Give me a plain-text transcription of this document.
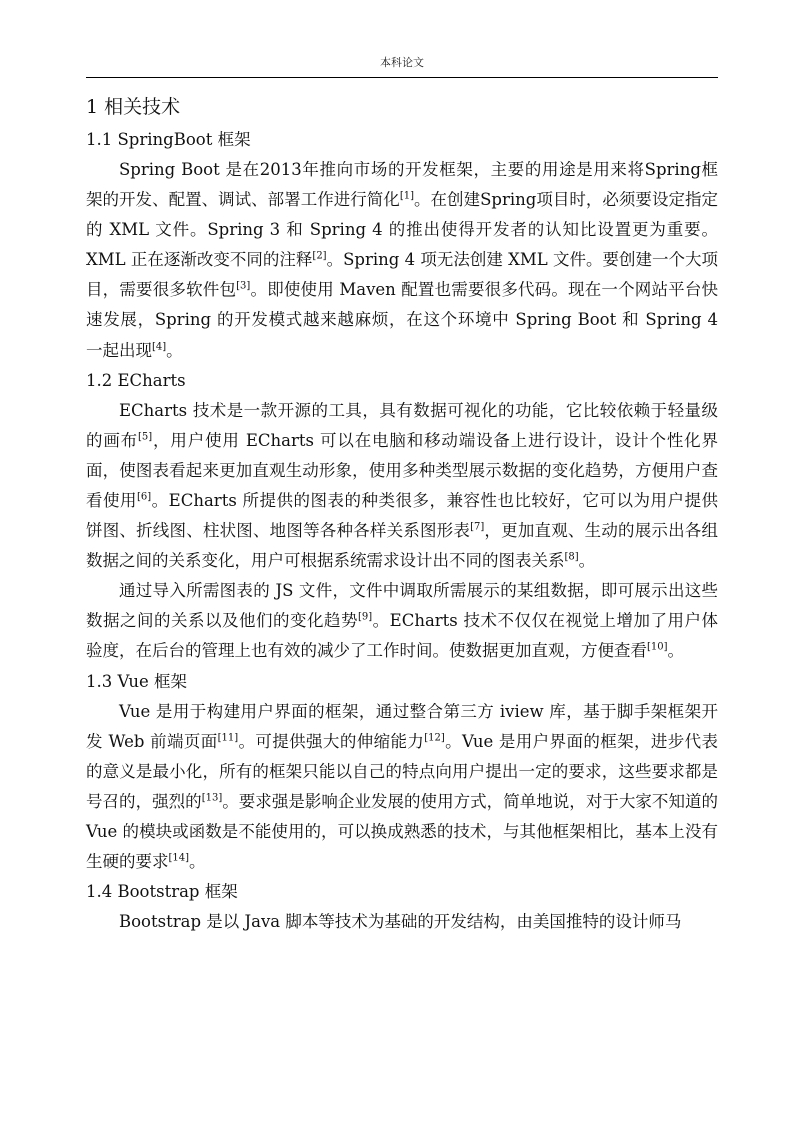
本科论文
1 相关技术
1.1 SpringBoot 框架

Spring Boot 是在2013年推向市场的开发框架，主要的用途是用来将Spring框架的开发、配置、调试、部署工作进行简化[1]。在创建Spring项目时，必须要设定指定的 XML 文件。Spring 3 和 Spring 4 的推出使得开发者的认知比设置更为重要。XML 正在逐渐改变不同的注释[2]。Spring 4 项无法创建 XML 文件。要创建一个大项目，需要很多软件包[3]。即使使用 Maven 配置也需要很多代码。现在一个网站平台快速发展，Spring 的开发模式越来越麻烦，在这个环境中 Spring Boot 和 Spring 4 一起出现[4]。

1.2 ECharts

ECharts 技术是一款开源的工具，具有数据可视化的功能，它比较依赖于轻量级的画布[5]，用户使用 ECharts 可以在电脑和移动端设备上进行设计，设计个性化界面，使图表看起来更加直观生动形象，使用多种类型展示数据的变化趋势，方便用户查看使用[6]。ECharts 所提供的图表的种类很多，兼容性也比较好，它可以为用户提供饼图、折线图、柱状图、地图等各种各样关系图形表[7]，更加直观、生动的展示出各组数据之间的关系变化，用户可根据系统需求设计出不同的图表关系[8]。

通过导入所需图表的 JS 文件，文件中调取所需展示的某组数据，即可展示出这些数据之间的关系以及他们的变化趋势[9]。ECharts 技术不仅仅在视觉上增加了用户体验度，在后台的管理上也有效的减少了工作时间。使数据更加直观，方便查看[10]。

1.3 Vue 框架

Vue 是用于构建用户界面的框架，通过整合第三方 iview 库，基于脚手架框架开发 Web 前端页面[11]。可提供强大的伸缩能力[12]。Vue 是用户界面的框架，进步代表的意义是最小化，所有的框架只能以自己的特点向用户提出一定的要求，这些要求都是号召的，强烈的[13]。要求强是影响企业发展的使用方式，简单地说，对于大家不知道的 Vue 的模块或函数是不能使用的，可以换成熟悉的技术，与其他框架相比，基本上没有生硬的要求[14]。

1.4 Bootstrap 框架

Bootstrap 是以 Java 脚本等技术为基础的开发结构，由美国推特的设计师马
